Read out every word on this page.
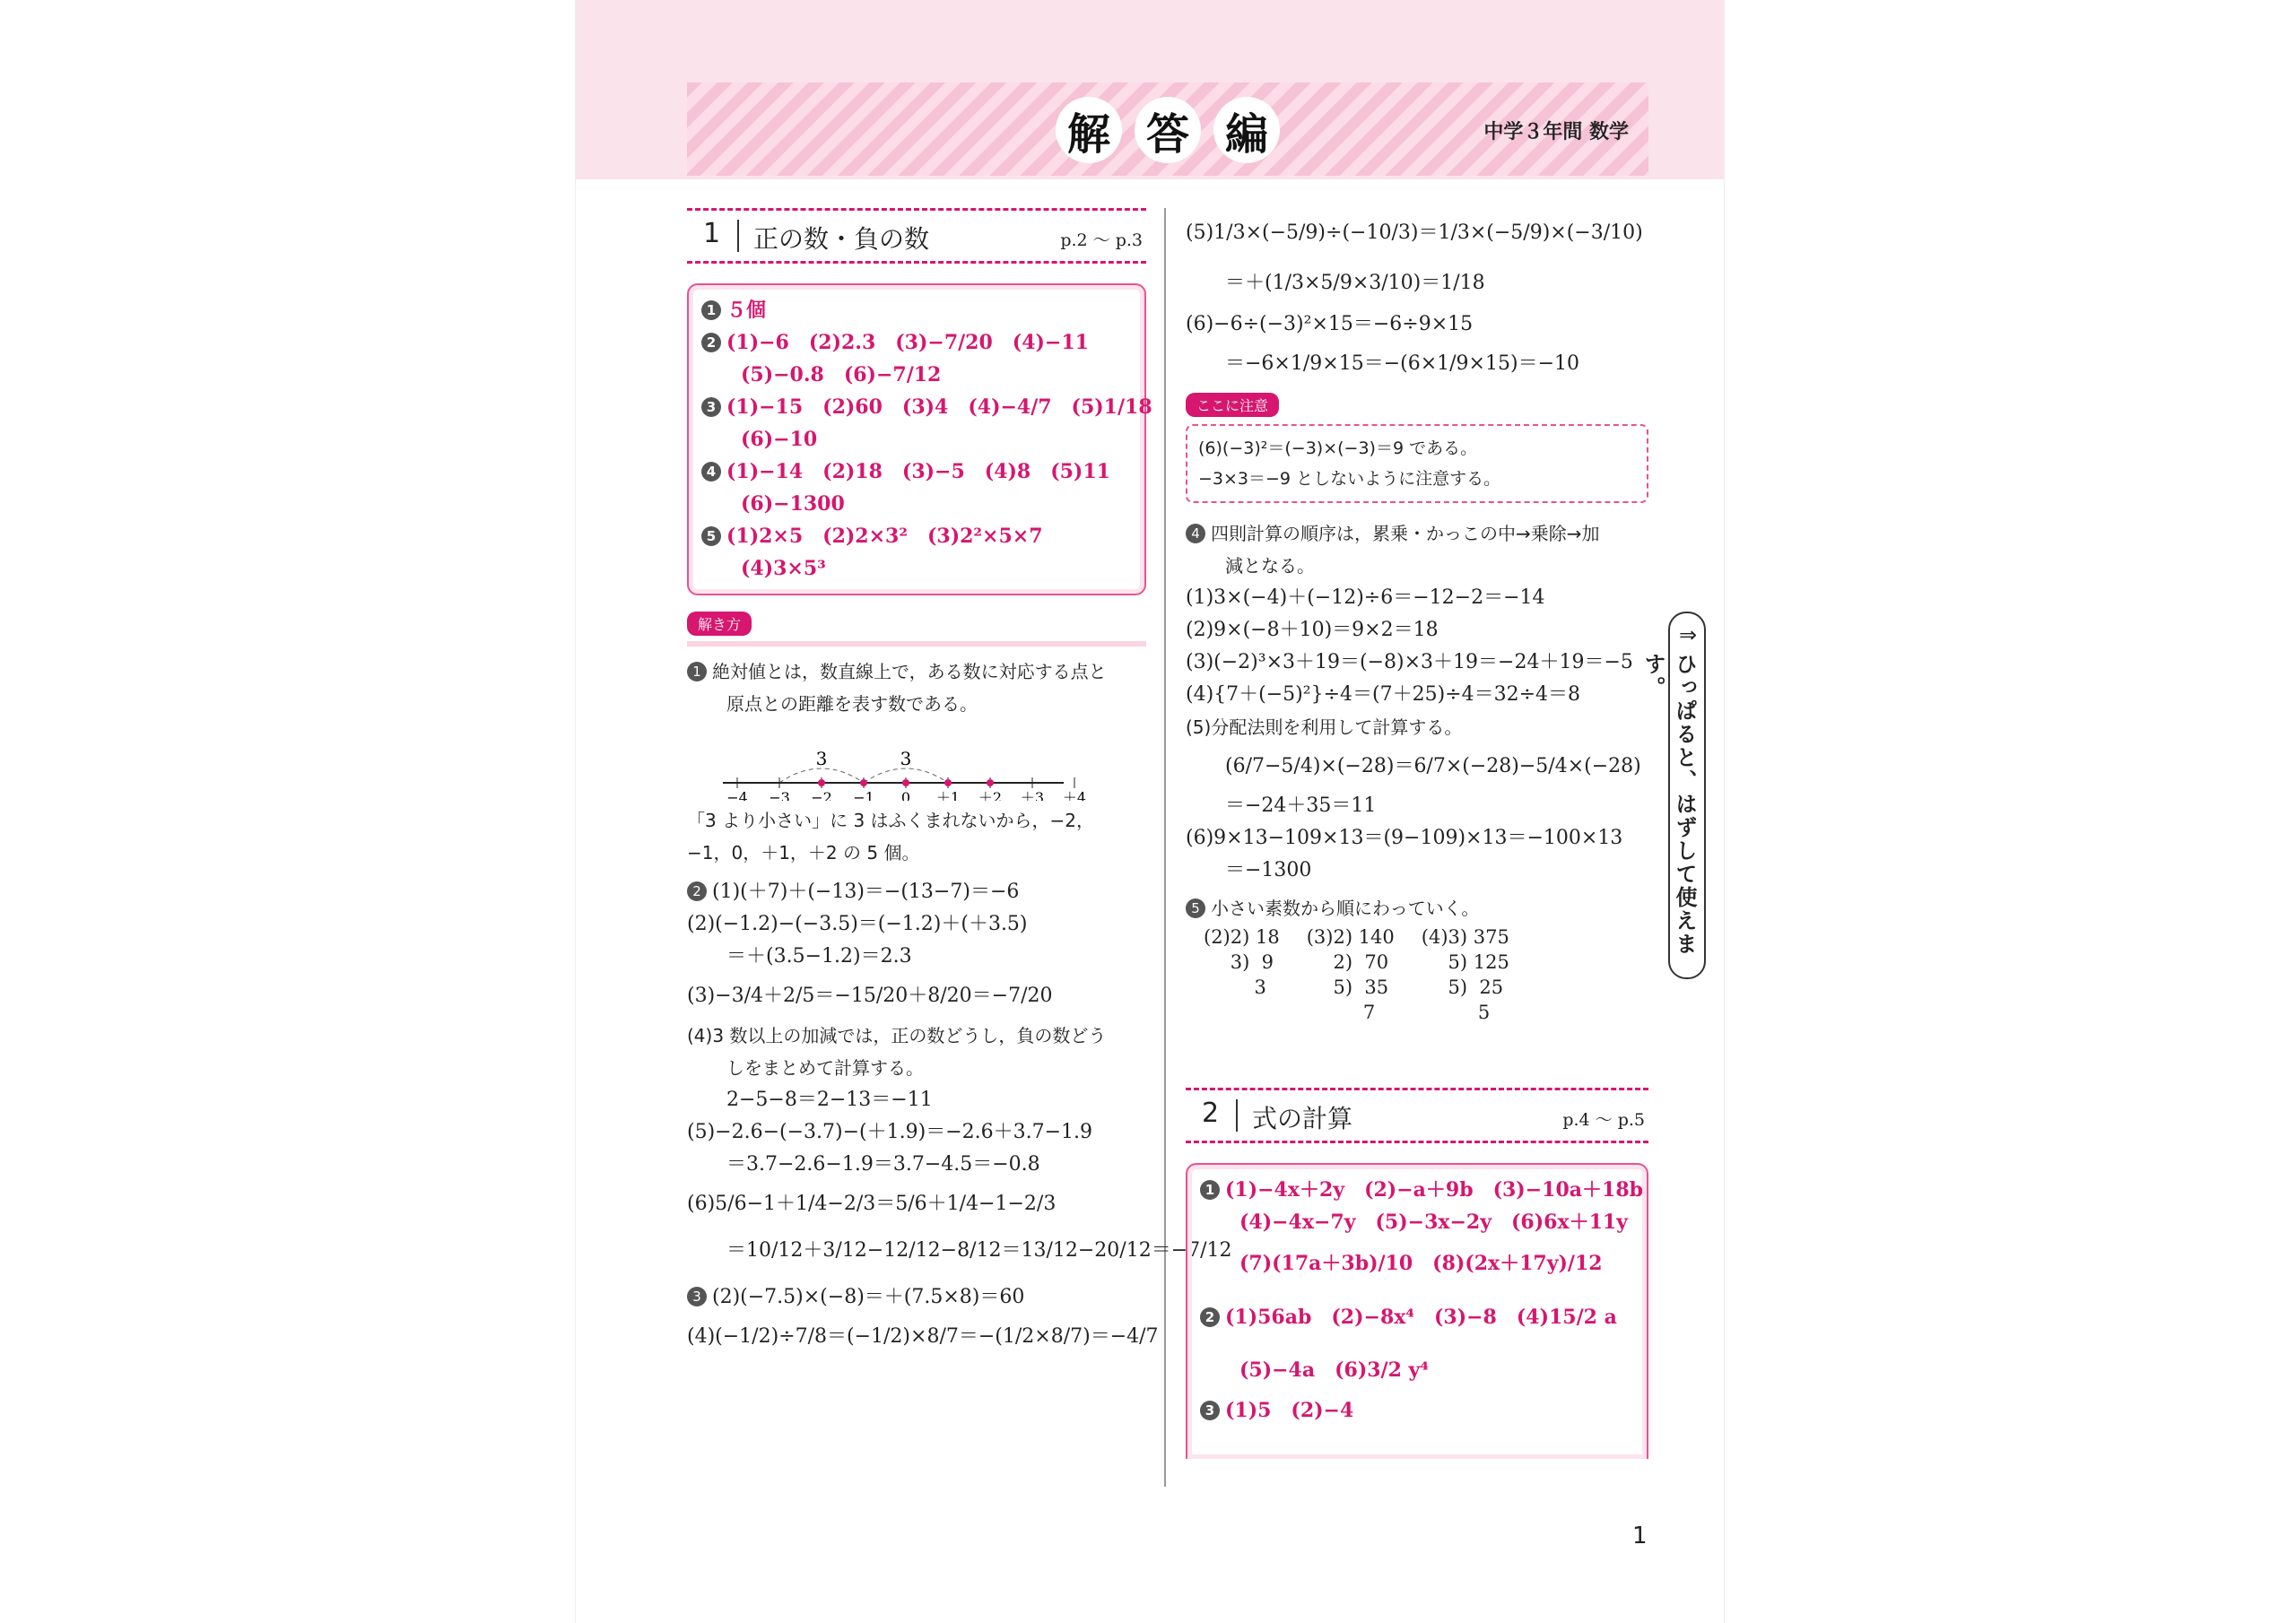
解 答 編	中学３年間 数学
1 正の数・負の数	p.2 ～ p.3
1 ５個
2 (1)−6　(2)2.3　(3)−7/20　(4)−11
(5)−0.8　(6)−7/12
3 (1)−15　(2)60　(3)4　(4)−4/7　(5)1/18
(6)−10
4 (1)−14　(2)18　(3)−5　(4)8　(5)11
(6)−1300
5 (1)2×5　(2)2×3²　(3)2²×5×7
(4)3×5³
解き方
1 絶対値とは，数直線上で，ある数に対応する点と
原点との距離を表す数である。
3	3
−4 −3 −2 −1 0 ＋1 ＋2 ＋3 ＋4
「3 より小さい」に 3 はふくまれないから，−2，
−1，0，＋1，＋2 の 5 個。
2 (1)(＋7)＋(−13)＝−(13−7)＝−6
(2)(−1.2)−(−3.5)＝(−1.2)＋(＋3.5)
＝＋(3.5−1.2)＝2.3
(3)−3/4＋2/5＝−15/20＋8/20＝−7/20
(4)3 数以上の加減では，正の数どうし，負の数どう
しをまとめて計算する。
2−5−8＝2−13＝−11
(5)−2.6−(−3.7)−(＋1.9)＝−2.6＋3.7−1.9
＝3.7−2.6−1.9＝3.7−4.5＝−0.8
(6)5/6−1＋1/4−2/3＝5/6＋1/4−1−2/3
＝10/12＋3/12−12/12−8/12＝13/12−20/12＝−7/12
3 (2)(−7.5)×(−8)＝＋(7.5×8)＝60
(4)(−1/2)÷7/8＝(−1/2)×8/7＝−(1/2×8/7)＝−4/7
(5)1/3×(−5/9)÷(−10/3)＝1/3×(−5/9)×(−3/10)
＝＋(1/3×5/9×3/10)＝1/18
(6)−6÷(−3)²×15＝−6÷9×15
＝−6×1/9×15＝−(6×1/9×15)＝−10
ここに注意
(6)(−3)²＝(−3)×(−3)＝9 である。
−3×3＝−9 としないように注意する。
4 四則計算の順序は，累乗・かっこの中→乗除→加
減となる。
(1)3×(−4)＋(−12)÷6＝−12−2＝−14
(2)9×(−8＋10)＝9×2＝18
(3)(−2)³×3＋19＝(−8)×3＋19＝−24＋19＝−5
(4){7＋(−5)²}÷4＝(7＋25)÷4＝32÷4＝8
(5)分配法則を利用して計算する。
(6/7−5/4)×(−28)＝6/7×(−28)−5/4×(−28)
＝−24＋35＝11
(6)9×13−109×13＝(9−109)×13＝−100×13
＝−1300
5 小さい素数から順にわっていく。
(2)2) 18
3)  9
3
(3)2) 140
2)  70
5)  35
7
(4)3) 375
5) 125
5)  25
5
2 式の計算	p.4 ～ p.5
1 (1)−4x＋2y　(2)−a＋9b　(3)−10a＋18b
(4)−4x−7y　(5)−3x−2y　(6)6x＋11y
(7)(17a＋3b)/10　(8)(2x＋17y)/12
2 (1)56ab　(2)−8x⁴　(3)−8　(4)15/2 a
(5)−4a　(6)3/2 y⁴
3 (1)5　(2)−4
⇒
ひっぱると、はずして使えます。
1
